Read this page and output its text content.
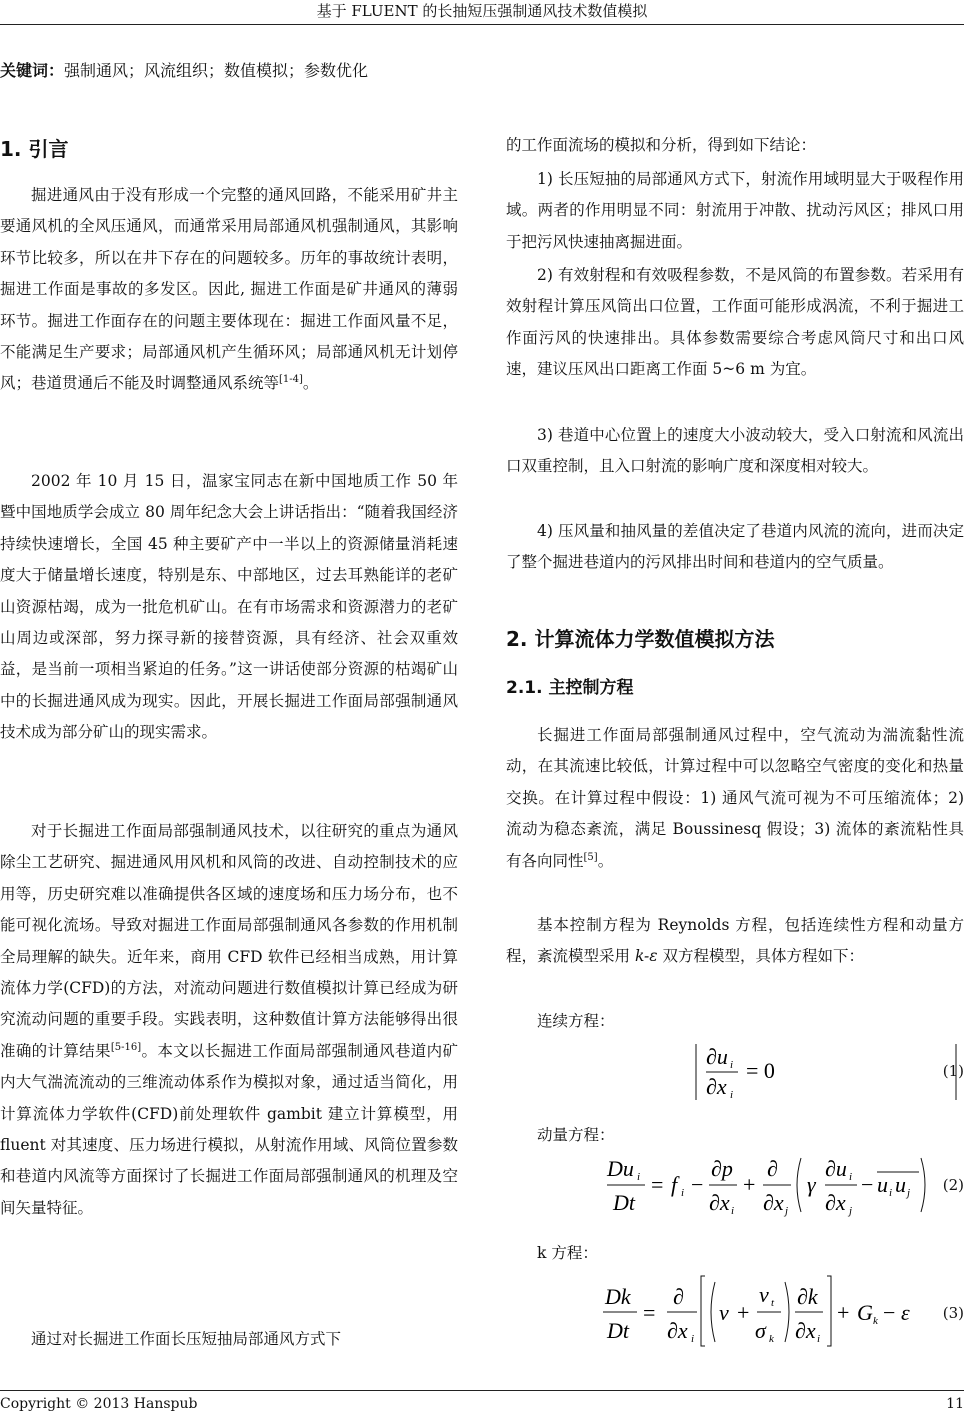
基于 FLUENT 的长抽短压强制通风技术数值模拟
关键词：强制通风；风流组织；数值模拟；参数优化
1. 引言

掘进通风由于没有形成一个完整的通风回路，不能采用矿井主要通风机的全风压通风，而通常采用局部通风机强制通风，其影响环节比较多，所以在井下存在的问题较多。历年的事故统计表明，掘进工作面是事故的多发区。因此, 掘进工作面是矿井通风的薄弱环节。掘进工作面存在的问题主要体现在：掘进工作面风量不足，不能满足生产要求；局部通风机产生循环风；局部通风机无计划停风；巷道贯通后不能及时调整通风系统等[1-4]。

2002 年 10 月 15 日，温家宝同志在新中国地质工作 50 年暨中国地质学会成立 80 周年纪念大会上讲话指出：“随着我国经济持续快速增长，全国 45 种主要矿产中一半以上的资源储量消耗速度大于储量增长速度，特别是东、中部地区，过去耳熟能详的老矿山资源枯竭，成为一批危机矿山。在有市场需求和资源潜力的老矿山周边或深部，努力探寻新的接替资源，具有经济、社会双重效益，是当前一项相当紧迫的任务。”这一讲话使部分资源的枯竭矿山中的长掘进通风成为现实。因此，开展长掘进工作面局部强制通风技术成为部分矿山的现实需求。

对于长掘进工作面局部强制通风技术，以往研究的重点为通风除尘工艺研究、掘进通风用风机和风筒的改进、自动控制技术的应用等，历史研究难以准确提供各区域的速度场和压力场分布，也不能可视化流场。导致对掘进工作面局部强制通风各参数的作用机制全局理解的缺失。近年来，商用 CFD 软件已经相当成熟，用计算流体力学(CFD)的方法，对流动问题进行数值模拟计算已经成为研究流动问题的重要手段。实践表明，这种数值计算方法能够得出很准确的计算结果[5-16]。本文以长掘进工作面局部强制通风巷道内矿内大气湍流流动的三维流动体系作为模拟对象，通过适当简化，用计算流体力学软件(CFD)前处理软件 gambit 建立计算模型，用 fluent 对其速度、压力场进行模拟，从射流作用域、风筒位置参数和巷道内风流等方面探讨了长掘进工作面局部强制通风的机理及空间矢量特征。

通过对长掘进工作面长压短抽局部通风方式下

的工作面流场的模拟和分析，得到如下结论：

1) 长压短抽的局部通风方式下，射流作用域明显大于吸程作用域。两者的作用明显不同：射流用于冲散、扰动污风区；排风口用于把污风快速抽离掘进面。

2) 有效射程和有效吸程参数，不是风筒的布置参数。若采用有效射程计算压风筒出口位置，工作面可能形成涡流，不利于掘进工作面污风的快速排出。具体参数需要综合考虑风筒尺寸和出口风速，建议压风出口距离工作面 5~6 m 为宜。

3) 巷道中心位置上的速度大小波动较大，受入口射流和风流出口双重控制，且入口射流的影响广度和深度相对较大。

4) 压风量和抽风量的差值决定了巷道内风流的流向，进而决定了整个掘进巷道内的污风排出时间和巷道内的空气质量。

2. 计算流体力学数值模拟方法
2.1. 主控制方程

长掘进工作面局部强制通风过程中，空气流动为湍流黏性流动，在其流速比较低，计算过程中可以忽略空气密度的变化和热量交换。在计算过程中假设：1) 通风气流可视为不可压缩流体；2) 流动为稳态紊流，满足 Boussinesq 假设；3) 流体的紊流粘性具有各向同性[5]。

基本控制方程为 Reynolds 方程，包括连续性方程和动量方程，紊流模型采用 k-ε 双方程模型，具体方程如下：

连续方程：

∂u i
∂x i
= 0	(1)

动量方程：

Du i
Dt
= f i −
∂p
∂x i
+
∂
∂x j
γ
∂u i
∂x j
− u i u j (2)

k 方程：

Dk
Dt
=
∂
∂x i
ν +
ν t
σ k
∂k
∂x i
+ G k − ε (3)
Copyright © 2013 Hanspub	11
